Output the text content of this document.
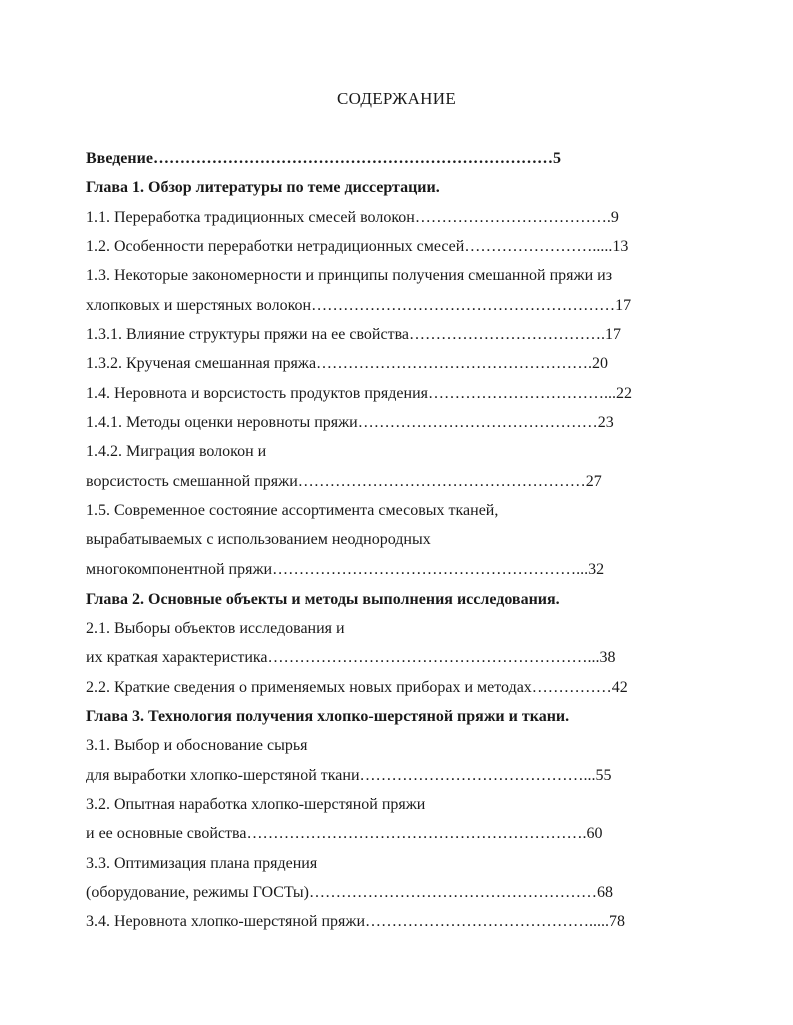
СОДЕРЖАНИЕ
Введение…………………………………………………………………5
Глава 1. Обзор литературы по теме диссертации.
1.1. Переработка традиционных смесей волокон……………………………….9
1.2. Особенности переработки нетрадиционных смесей…………………….....13
1.3. Некоторые закономерности и принципы получения смешанной пряжи из
хлопковых и шерстяных волокон…………………………………………………17
1.3.1. Влияние структуры пряжи на ее свойства……………………………….17
1.3.2. Крученая смешанная пряжа…………………………………………….20
1.4. Неровнота и ворсистость продуктов прядения……………………………...22
1.4.1. Методы оценки неровноты пряжи………………………………………23
1.4.2. Миграция волокон и
ворсистость смешанной пряжи………………………………………………27
1.5. Современное состояние ассортимента смесовых тканей,
вырабатываемых с использованием неоднородных
многокомпонентной пряжи…………………………………………………...32
Глава 2. Основные объекты и методы выполнения исследования.
2.1. Выборы объектов исследования и
их краткая характеристика……………………………………………………...38
2.2. Краткие сведения о применяемых новых приборах и методах……………42
Глава 3. Технология получения хлопко-шерстяной пряжи и ткани.
3.1. Выбор и обоснование сырья
для выработки хлопко-шерстяной ткани……………………………………...55
3.2. Опытная наработка хлопко-шерстяной пряжи
и ее основные свойства……………………………………………………….60
3.3. Оптимизация плана прядения
(оборудование, режимы ГОСТы)………………………………………………68
3.4. Неровнота хлопко-шерстяной пряжи…………………………………….....78
